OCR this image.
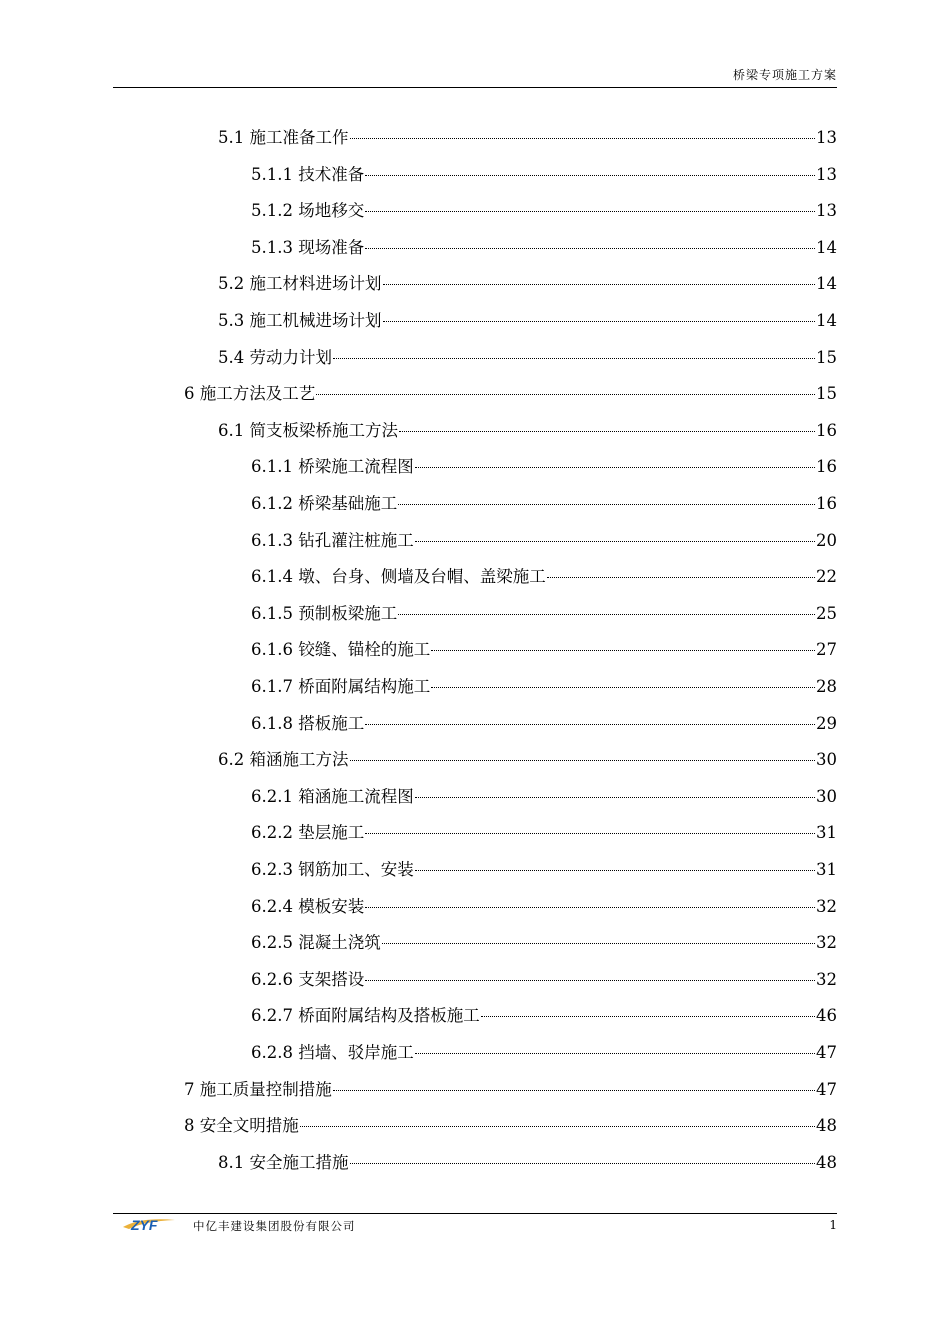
桥梁专项施工方案
5.1 施工准备工作	13
5.1.1 技术准备	13
5.1.2 场地移交	13
5.1.3 现场准备	14
5.2 施工材料进场计划	14
5.3 施工机械进场计划	14
5.4 劳动力计划	15
6 施工方法及工艺	15
6.1 简支板梁桥施工方法	16
6.1.1 桥梁施工流程图	16
6.1.2 桥梁基础施工	16
6.1.3 钻孔灌注桩施工	20
6.1.4 墩、台身、侧墙及台帽、盖梁施工	22
6.1.5 预制板梁施工	25
6.1.6 铰缝、锚栓的施工	27
6.1.7 桥面附属结构施工	28
6.1.8 搭板施工	29
6.2 箱涵施工方法	30
6.2.1 箱涵施工流程图	30
6.2.2 垫层施工	31
6.2.3 钢筋加工、安装	31
6.2.4 模板安装	32
6.2.5 混凝土浇筑	32
6.2.6 支架搭设	32
6.2.7 桥面附属结构及搭板施工	46
6.2.8 挡墙、驳岸施工	47
7 施工质量控制措施	47
8 安全文明措施	48
8.1 安全施工措施	48
ZYF	中亿丰建设集团股份有限公司	1
